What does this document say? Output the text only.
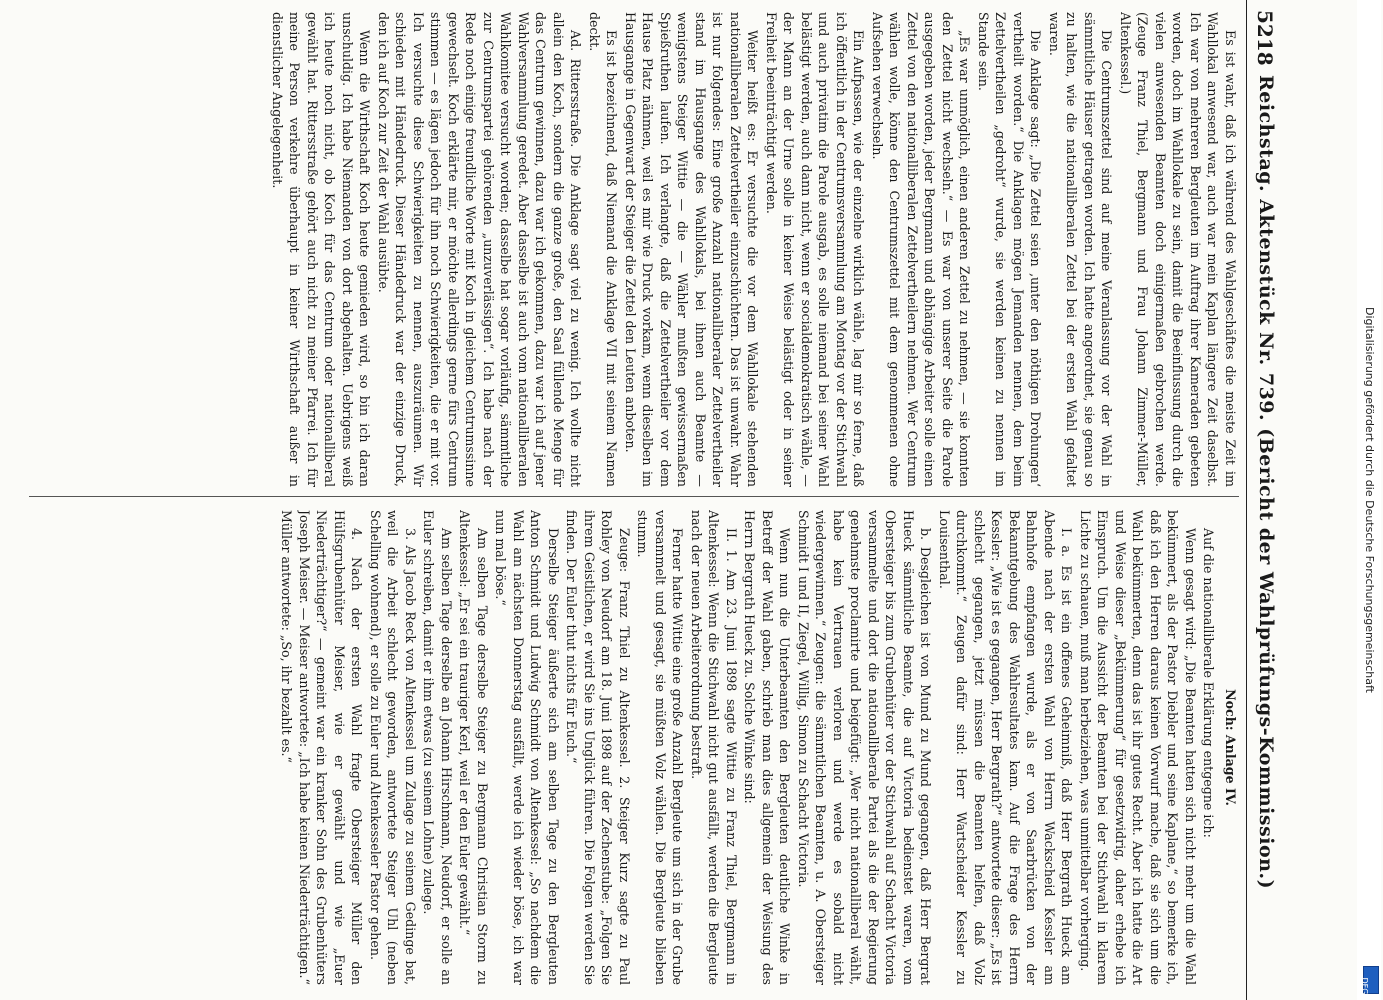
5218
Reichstag. Aktenstück Nr. 739. (Bericht der Wahlprüfungs-Kommission.)

Es ist wahr, daß ich während des Wahlgeschäftes die meiste Zeit im Wahllokal anwesend war, auch war mein Kaplan längere Zeit daselbst. Ich war von mehreren Bergleuten im Auftrag ihrer Kameraden gebeten worden, doch im Wahllokale zu sein, damit die Beeinflussung durch die vielen anwesenden Beamten doch einigermaßen gebrochen werde. (Zeuge Franz Thiel, Bergmann und Frau Johann Zimmer-Müller, Altenkessel.)

Die Centrumszettel sind auf meine Veranlassung vor der Wahl in sämmtliche Häuser getragen worden. Ich hatte angeordnet, sie genau so zu halten, wie die nationalliberalen Zettel bei der ersten Wahl gefaltet waren.

Die Anklage sagt: „Die Zettel seien ‚unter den nöthigen Drohungen‘ vertheilt worden.“ Die Anklagen mögen Jemanden nennen, dem beim Zettelvertheilen „gedroht“ wurde, sie werden keinen zu nennen im Stande sein.

„Es war unmöglich, einen anderen Zettel zu nehmen, — sie konnten den Zettel nicht wechseln.“ — Es war von unserer Seite die Parole ausgegeben worden, jeder Bergmann und abhängige Arbeiter solle einen Zettel von den nationalliberalen Zettelvertheilern nehmen. Wer Centrum wählen wolle, könne den Centrumszettel mit dem genommenen ohne Aufsehen verwechseln.

Ein Aufpassen, wie der einzelne wirklich wähle, lag mir so ferne, daß ich öffentlich in der Centrumsversammlung am Montag vor der Stichwahl und auch privatim die Parole ausgab, es solle niemand bei seiner Wahl belästigt werden, auch dann nicht, wenn er socialdemokratisch wähle, — der Mann an der Urne solle in keiner Weise belästigt oder in seiner Freiheit beeinträchtigt werden.

Weiter heißt es: Er versuchte die vor dem Wahllokale stehenden nationalliberalen Zettelvertheiler einzuschüchtern. Das ist unwahr. Wahr ist nur folgendes: Eine große Anzahl nationalliberaler Zettelvertheiler stand im Hausgange des Wahllokals, bei ihnen auch Beamte — wenigstens Steiger Wittie — die — Wähler mußten gewissermaßen Spießruthen laufen. Ich verlangte, daß die Zettelvertheiler vor dem Hause Platz nähmen, weil es mir wie Druck vorkam, wenn dieselben im Hausgange in Gegenwart der Steiger die Zettel den Leuten anboten.

Es ist bezeichnend, daß Niemand die Anklage VII mit seinem Namen deckt.

Ad. Rittersstraße. Die Anklage sagt viel zu wenig. Ich wollte nicht allein den Koch, sondern die ganze große, den Saal füllende Menge für das Centrum gewinnen, dazu war ich gekommen, dazu war ich auf jener Wahlversammlung geredet. Aber dasselbe ist auch vom nationalliberalen Wahlkomitee versucht worden; dasselbe hat sogar vorläufig, sämmtliche zur Centrumspartei gehörenden „unzuverlässigen“. Ich habe nach der Rede noch einige freundliche Worte mit Koch in gleichem Centrumssinne gewechselt. Koch erklärte mir, er möchte allerdings gerne fürs Centrum stimmen — es lägen jedoch für ihn noch Schwierigkeiten, die er mit vor. Ich versuchte diese Schwierigkeiten zu nennen, auszuräumen. Wir schieden mit Händedruck. Dieser Händedruck war der einzige Druck, den ich auf Koch zur Zeit der Wahl ausübte.

Wenn die Wirthschaft Koch heute gemieden wird, so bin ich daran unschuldig. Ich habe Niemanden von dort abgehalten. Uebrigens weiß ich heute noch nicht, ob Koch für das Centrum oder nationalliberal gewählt hat. Rittersstraße gehört auch nicht zu meiner Pfarrei. Ich für meine Person verkehre überhaupt in keiner Wirthschaft außer in dienstlicher Angelegenheit.

Noch: Anlage IV.

Auf die nationalliberale Erklärung entgegne ich:

Wenn gesagt wird: „Die Beamten hatten sich nicht mehr um die Wahl bekümmert, als der Pastor Diebler und seine Kaplane,“ so bemerke ich, daß ich den Herren daraus keinen Vorwurf mache, daß sie sich um die Wahl bekümmerten, denn das ist ihr gutes Recht. Aber ich hatte die Art und Weise dieser „Bekümmerung“ für gesetzwidrig, daher erhebe ich Einspruch. Um die Aussicht der Beamten bei der Stichwahl in klarem Lichte zu schauen, muß man herbeiziehen, was unmittelbar vorherging.

I. a. Es ist ein offenes Geheimniß, daß Herr Bergrath Hueck am Abende nach der ersten Wahl von Herrn Wackscheid Kessler am Bahnhofe empfangen wurde, als er von Saarbrücken von der Bekanntgebung des Wahlresultates kam. Auf die Frage des Herrn Kessler: „Wie ist es gegangen, Herr Bergrath?“ antwortete dieser: „Es ist schlecht gegangen, jetzt müssen die Beamten helfen, daß Volz durchkommt.“ Zeugen dafür sind: Herr Wartscheider Kessler zu Louisenthal.

b. Desgleichen ist von Mund zu Mund gegangen, daß Herr Bergrat Hueck sämmtliche Beamte, die auf Victoria bedienstet waren, vom Obersteiger bis zum Grubenhüter vor der Stichwahl auf Schacht Victoria versammelte und dort die nationalliberale Partei als die der Regierung genehmste proclamirte und beigefügt: „Wer nicht nationalliberal wählt, habe kein Vertrauen verloren und werde es sobald nicht wiedergewinnen.“ Zeugen: die sämmtlichen Beamten, u. A. Obersteiger Schmidt I und II, Ziegel, Willig, Simon zu Schacht Victoria.

Wenn nun die Unterbeamten den Bergleuten deutliche Winke in Betreff der Wahl gaben, schrieb man dies allgemein der Weisung des Herrn Bergrath Hueck zu. Solche Winke sind:

II. 1. Am 23. Juni 1898 sagte Wittie zu Franz Thiel, Bergmann in Altenkessel: Wenn die Stichwahl nicht gut ausfällt, werden die Bergleute nach der neuen Arbeiterordnung bestraft.

Ferner hatte Wittie eine große Anzahl Bergleute um sich in der Grube versammelt und gesagt, sie müßten Volz wählen. Die Bergleute blieben stumm.

Zeuge: Franz Thiel zu Altenkessel. 2. Steiger Kurz sagte zu Paul Rohley von Neudorf am 18. Juni 1898 auf der Zechenstube: „Folgen Sie ihrem Geistlichen, er wird Sie ins Unglück führen. Die Folgen werden Sie finden. Der Euler thut nichts für Euch.“

Derselbe Steiger äußerte sich am selben Tage zu den Bergleuten Anton Schmidt und Ludwig Schmidt von Altenkessel: „So nachdem die Wahl am nächsten Donnerstag ausfällt, werde ich wieder böse, ich war nun mal böse.“

Am selben Tage derselbe Steiger zu Bergmann Christian Storm zu Altenkessel: „Er sei ein trauriger Kerl, weil er den Euler gewählt.“

Am selben Tage derselbe an Johann Hirschmann, Neudorf, er solle an Euler schreiben, damit er ihm etwas (zu seinem Lohne) zulege.

3. Als Jacob Reck von Altenkessel um Zulage zu seinem Gedinge bat, weil die Arbeit schlecht geworden, antwortete Steiger Uhl (neben Schelling wohnend), er solle zu Euler und Altenkesseler Pastor gehen.

4. Nach der ersten Wahl fragte Obersteiger Müller den Hülfsgrubenhüter Meiser, wie er gewählt und wie „Euer Niederträchtiger?“ — gemeint war ein kranker Sohn des Grubenhüters Joseph Meiser. — Meiser antwortete: „Ich habe keinen Niederträchtigen.“ Müller antwortete: „So, ihr bezahlt es.“	Digitalisierung gefördert durch die Deutsche Forschungsgemeinschaft
DFG
